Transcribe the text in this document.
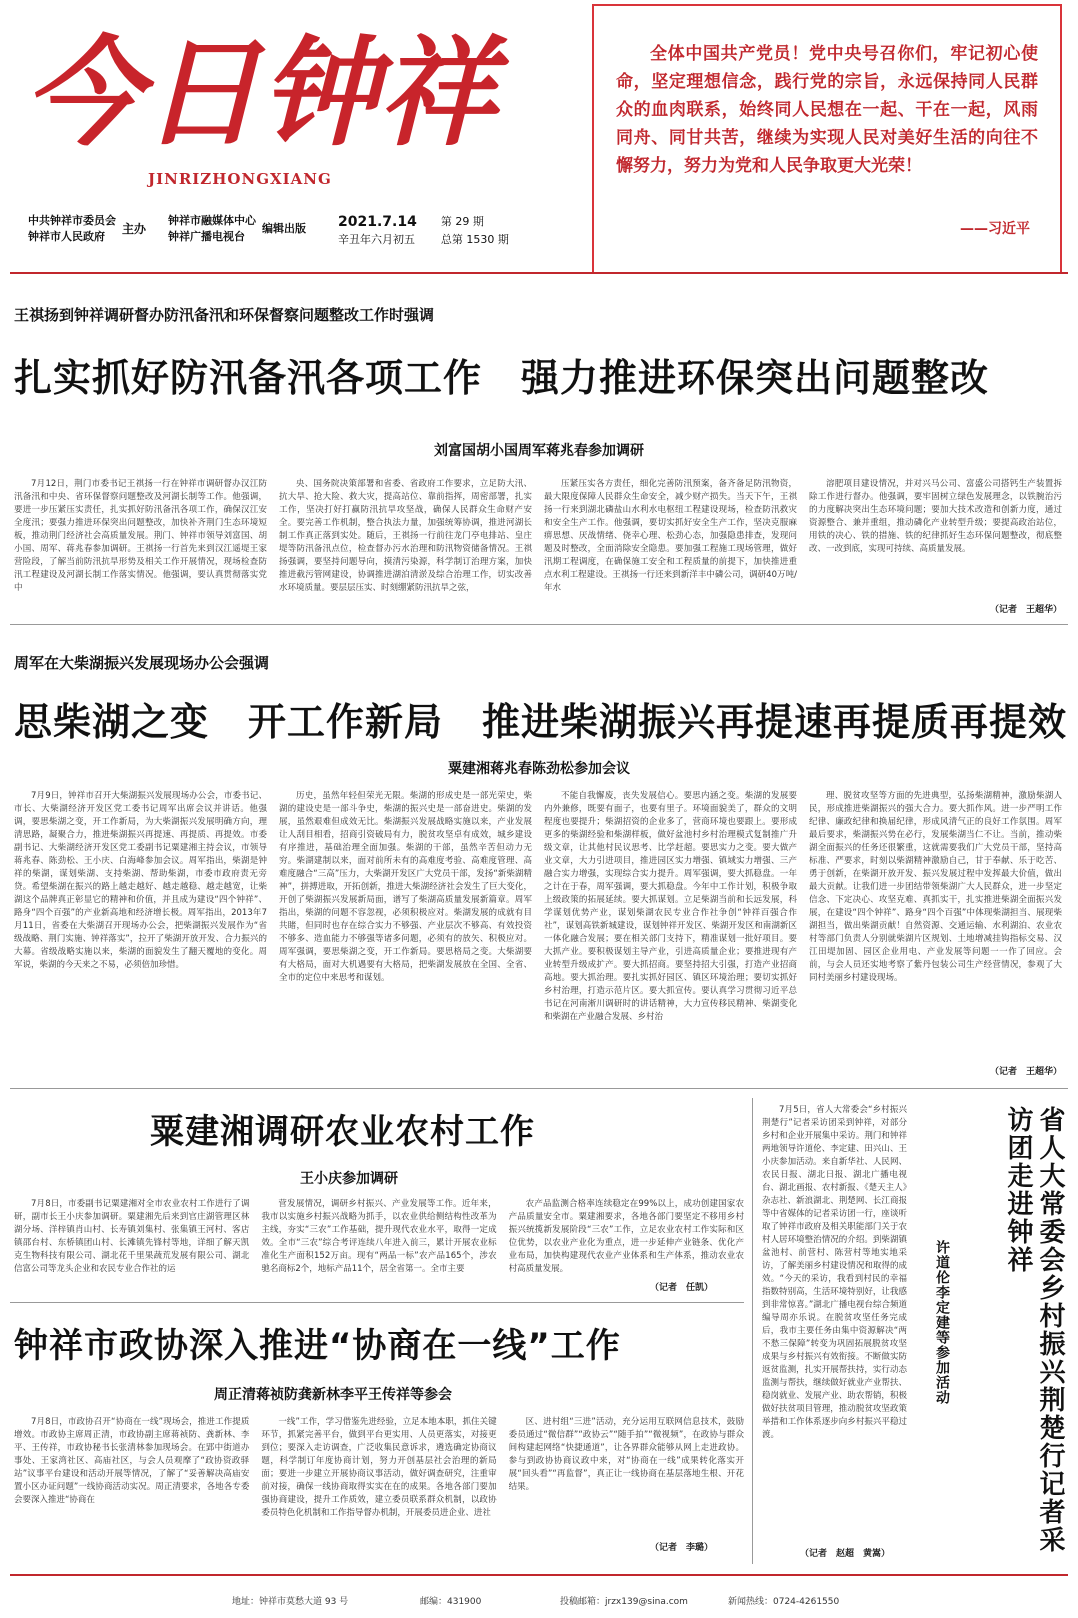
今日钟祥
JINRIZHONGXIANG
中共钟祥市委员会
钟祥市人民政府
主办
钟祥市融媒体中心
钟祥广播电视台
编辑出版 2021.7.14
辛丑年六月初五
第 29 期
总第 1530 期
全体中国共产党员！党中央号召你们，牢记初心使命，坚定理想信念，践行党的宗旨，永远保持同人民群众的血肉联系，始终同人民想在一起、干在一起，风雨同舟、同甘共苦，继续为实现人民对美好生活的向往不懈努力，努力为党和人民争取更大光荣！
——习近平
王祺扬到钟祥调研督办防汛备汛和环保督察问题整改工作时强调
扎实抓好防汛备汛各项工作　强力推进环保突出问题整改
刘富国胡小国周军蒋兆春参加调研

7月12日，荆门市委书记王祺扬一行在钟祥市调研督办汉江防汛备汛和中央、省环保督察问题整改及河湖长制等工作。他强调，要进一步压紧压实责任，扎实抓好防汛备汛各项工作，确保汉江安全度汛；要强力推进环保突出问题整改，加快补齐荆门生态环境短板，推动荆门经济社会高质量发展。荆门、钟祥市领导刘富国、胡小国、周军、蒋兆春参加调研。王祺扬一行首先来到汉江遥堤王家营险段，了解当前防汛抗旱形势及相关工作开展情况，现场检查防汛工程建设及河湖长制工作落实情况。他强调，要认真贯彻落实党中

央、国务院决策部署和省委、省政府工作要求，立足防大汛、抗大旱、抢大险、救大灾，提高站位、靠前指挥，周密部署，扎实工作，坚决打好打赢防汛抗旱攻坚战，确保人民群众生命财产安全。要完善工作机制，整合执法力量，加强统筹协调，推进河湖长制工作真正落到实处。随后，王祺扬一行前往龙门亭电排站、皇庄堤等防汛备汛点位，检查督办污水治理和防汛物资储备情况。王祺扬强调，要坚持问题导向，摸清污染源，科学制订治理方案，加快推进截污管网建设，协调推进湖泊清淤及综合治理工作，切实改善水环境质量。要层层压实、时刻绷紧防汛抗旱之弦，

压紧压实各方责任，细化完善防汛预案，备齐备足防汛物资，最大限度保障人民群众生命安全，减少财产损失。当天下午，王祺扬一行来到湖北磷盐山水利水电枢纽工程建设现场，检查防汛救灾和安全生产工作。他强调，要切实抓好安全生产工作，坚决克服麻痹思想、厌战情绪、侥幸心理、松劲心态，加强隐患排查，发现问题及时整改，全面消除安全隐患。要加强工程施工现场管理，做好汛期工程调度，在确保施工安全和工程质量的前提下，加快推进重点水利工程建设。王祺扬一行还来到新洋丰中磷公司，调研40万吨/年水

溶肥项目建设情况，并对兴马公司、富盛公司搭钙生产装置拆除工作进行督办。他强调，要牢固树立绿色发展理念，以铁腕治污的力度解决突出生态环境问题；要加大技术改造和创新力度，通过资源整合、兼并重组，推动磷化产业转型升级；要提高政治站位，用铁的决心、铁的措施、铁的纪律抓好生态环保问题整改，彻底整改、一改到底，实现可持续、高质量发展。

（记者　王超华）
周军在大柴湖振兴发展现场办公会强调
思柴湖之变　开工作新局　推进柴湖振兴再提速再提质再提效
粟建湘蒋兆春陈劲松参加会议

7月9日，钟祥市召开大柴湖振兴发展现场办公会，市委书记、市长、大柴湖经济开发区党工委书记周军出席会议并讲话。他强调，要思柴湖之变，开工作新局，为大柴湖振兴发展明确方向，理清思路，凝聚合力，推进柴湖振兴再提速、再提质、再提效。市委副书记、大柴湖经济开发区党工委副书记粟建湘主持会议，市领导蒋兆春、陈劲松、王小庆、白海峰参加会议。周军指出，柴湖是钟祥的柴湖，谋划柴湖、支持柴湖、帮助柴湖，市委市政府责无旁贷。希望柴湖在振兴的路上越走越好、越走越稳、越走越宽，让柴湖这个品牌真正彰显它的精神和价值，并且成为建设“四个钟祥”、路身“四个百强”的产业新高地和经济增长极。周军指出，2013年7月11日，省委在大柴湖召开现场办公会，把柴湖振兴发展作为“省级战略、荆门实施、钟祥落实”，拉开了柴湖开放开发、合力振兴的大幕。省级战略实施以来，柴湖的面貌发生了翻天覆地的变化。周军说，柴湖的今天来之不易，必须倍加珍惜。

历史，虽然年轻但荣光无限。柴湖的形成史是一部光荣史，柴湖的建设史是一部斗争史，柴湖的振兴史是一部奋进史。柴湖的发展，虽然艰难但成效无比。柴湖振兴发展战略实施以来，产业发展让人刮目相看，招商引资破局有力，脱贫攻坚卓有成效，城乡建设有序推进，基础治理全面加强。柴湖的干部，虽然辛苦但动力无穷。柴湖建制以来，面对前所未有的高难度考验、高难度管理、高难度融合“三高”压力，大柴湖开发区广大党员干部，发扬“新柴湖精神”，拼搏进取，开拓创新，推进大柴湖经济社会发生了巨大变化，开创了柴湖振兴发展新局面，谱写了柴湖高质量发展新篇章。周军指出，柴湖的问题不容忽视，必须积极应对。柴湖发展的成就有目共睹，但同时也存在综合实力不够强、产业层次不够高、有效投资不够多、造血能力不够强等诸多问题，必须有的放矢、积极应对。周军强调，要思柴湖之变，开工作新局。要思格局之变。大柴湖要有大格局，面对大机遇要有大格局，把柴湖发展放在全国、全省、全市的定位中来思考和谋划。

不能自我懈废，丧失发展信心。要思内涵之变。柴湖的发展要内外兼修，既要有面子，也要有里子。环境面貌美了，群众的文明程度也要提升；柴湖招资的企业多了，营商环境也要跟上。要形成更多的柴湖经验和柴湖样板，做好盆池村乡村治理模式复制推广升级文章，让其他村民议思考、比学赶超。要思实力之变。要大做产业文章，大力引进项目，推进园区实力增强、镇域实力增强、三产融合实力增强，实现综合实力提升。周军强调，要大抓稳盘。一年之计在于春，周军强调，要大抓稳盘。今年中工作计划，积极争取上级政策的拓展延续。要大抓谋划。立足柴湖当前和长远发展，科学谋划优势产业，谋划柴湖农民专业合作社争创“钟祥百强合作社”，谋划高铁新城建设，谋划钟祥开发区、柴湖开发区和南湖新区一体化融合发展；要在相关部门支持下，精准谋划一批好项目。要大抓产业。要积极谋划主导产业，引进高质量企业；要推进现有产业转型升级成扩产。要大抓招商。要坚持招大引强，打造产业招商高地。要大抓治理。要扎实抓好园区、镇区环境治理；要切实抓好乡村治理，打造示范片区。要大抓宣传。要认真学习贯彻习近平总书记在河南淅川调研时的讲话精神，大力宣传移民精神、柴湖变化和柴湖在产业融合发展、乡村治

理、脱贫攻坚等方面的先进典型，弘扬柴湖精神，激励柴湖人民，形成推进柴湖振兴的强大合力。要大抓作风。进一步严明工作纪律、廉政纪律和换届纪律，形成风清气正的良好工作氛围。周军最后要求，柴湖振兴势在必行，发展柴湖当仁不让。当前，推动柴湖全面振兴的任务还很繁重，这就需要我们广大党员干部，坚持高标准、严要求，时刻以柴湖精神激励自己，甘于奉献、乐于吃苦、勇于创新，在柴湖开放开发、振兴发展过程中发挥最大价值，做出最大贡献。让我们进一步团结带领柴湖广大人民群众，进一步坚定信念、下定决心、攻坚克难、真抓实干，扎实推进柴湖全面振兴发展，在建设“四个钟祥”、路身“四个百强”中体现柴湖担当、展现柴湖担当，做出柴湖贡献！自然资源、交通运输、水利湖泊、农业农村等部门负责人分别就柴湖片区规划、土地增减挂钩指标交易、汉江田堤加固、园区企业用电、产业发展等问题一一作了回应。会前，与会人员还实地考察了紫丹包装公司生产经营情况，参观了大同村美丽乡村建设现场。

（记者　王超华）
粟建湘调研农业农村工作
王小庆参加调研

7月8日，市委副书记粟建湘对全市农业农村工作进行了调研，副市长王小庆参加调研。粟建湘先后来到官庄湖管理区林湖分场、洋梓镇肖山村、长寿镇刘集村、张集镇王河村、客店镇邵台村、东桥镇团山村、长滩镇先锋村等地，详细了解天凯克生物科技有限公司、湖北花千里果蔬荒发展有限公司、湖北信富公司等龙头企业和农民专业合作社的运

营发展情况，调研乡村振兴、产业发展等工作。近年来，我市以实施乡村振兴战略为抓手，以农业供给侧结构性改革为主线，夯实“三农”工作基础，提升现代农业水平，取得一定成效。全市“三农”综合考评连续八年进入前三，累计开展农业标准化生产面积152万亩。现有“两品一标”农产品165个，涉农驰名商标2个，地标产品11个，居全省第一。全市主要

农产品监测合格率连续稳定在99%以上，成功创建国家农产品质量安全市。粟建湘要求，各地各部门要坚定不移用乡村振兴统揽新发展阶段“三农”工作，立足农业农村工作实际和区位优势，以农业产业化为重点，进一步延伸产业链条、优化产业布局，加快构建现代农业产业体系和生产体系，推动农业农村高质量发展。

（记者　任凯）
钟祥市政协深入推进“协商在一线”工作
周正清蒋祯防龚新林李平王传祥等参会

7月8日，市政协召开“协商在一线”现场会，推进工作提质增效。市政协主席周正清，市政协副主席蒋祯防、龚新林、李平、王传祥，市政协秘书长张清林参加现场会。在郢中街道办事处、王家湾社区、高庙社区，与会人员观摩了“政协资政驿站”议事平台建设和活动开展等情况，了解了“妥善解决高庙安置小区办证问题”一线协商活动实况。周正清要求，各地各专委会要深入推进“协商在

一线”工作，学习借鉴先进经验，立足本地本职，抓住关键环节，抓紧完善平台，做到平台更实用、人员更落实，对接更到位；要深入走访调查，广泛收集民意诉求，遴选确定协商议题，科学制订年度协商计划，努力开创基层社会治理的新局面；要进一步建立开展协商议事活动，做好调查研究，注重审前对接，确保一线协商取得实实在在的成果。各地各部门要加强协商建设，提升工作质效，建立委员联系群众机制，以政协委员特色化机制和工作指导督办机制，开展委员进企业、进社

区、进村组“三进”活动，充分运用互联网信息技术，鼓励委员通过“微信群”“政协云”“随手拍”“微视频”，在政协与群众间构建起网络“快捷通道”，让各界群众能够从网上走进政协。参与到政协协商议政中来，对“协商在一线”成果转化落实开展“回头看”“再监督”，真正让一线协商在基层落地生根、开花结果。

（记者　李璐）

7月5日，省人大常委会“乡村振兴荆楚行”记者采访团采到钟祥，对部分乡村和企业开展集中采访。荆门和钟祥两地领导许道伦、李定建、田兴山、王小庆参加活动。来自新华社、人民网、农民日报、湖北日报、湖北广播电视台、湖北画报、农村新报、《楚天主人》杂志社、新浪湖北、荆楚网、长江商报等中省媒体的记者采访团一行，座谈听取了钟祥市政府及相关职能部门关于农村人居环境整治情况的介绍。到柴湖镇盆池村、前营村、陈营村等地实地采访，了解美丽乡村建设情况和取得的成效。“今天的采访，我看到村民的幸福指数特别高，生活环境特别好，让我感到非常惊喜。”湖北广播电视台综合频道编导周亦乐说。在脱贫攻坚任务完成后，我市主要任务由集中资源解决“两不愁三保障”转变为巩固拓展脱贫攻坚成果与乡村振兴有效衔接。不断做实防返贫监测，扎实开展帮扶持，实行动态监测与帮扶，继续做好就业产业帮扶、稳岗就业、发展产业、助农帮销，积极做好扶贫项目管理，推动脱贫攻坚政策举措和工作体系逐步向乡村振兴平稳过渡。

（记者　赵超　黄嵩）
许道伦李定建等参加活动	省人大常委会乡村振兴荆楚行记者采访团走进钟祥
地址：钟祥市莫愁大道 93 号	邮编：431900	投稿邮箱：jrzx139@sina.com	新闻热线：0724-4261550
